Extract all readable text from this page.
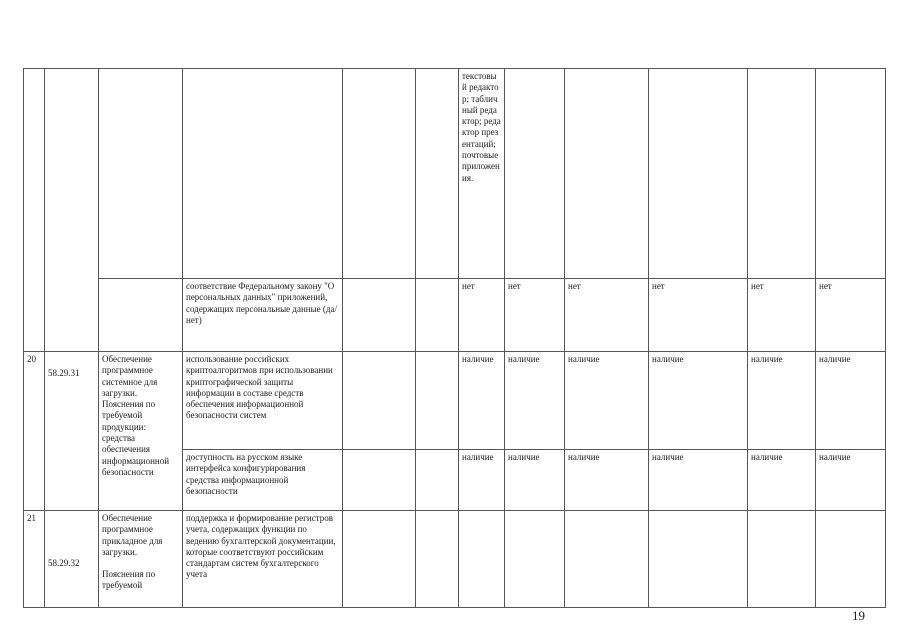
						текстовый редактор; табличный редактор; редактор презентаций; почтовые приложения.					
			соответствие Федеральному закону "О персональных данных" приложений, содержащих персональные данные (да/нет)			нет	нет	нет	нет	нет	нет
20	58.29.31	Обеспечение программное системное для загрузки. Пояснения по требуемой продукции: средства обеспечения информационной безопасности	использование российских криптоалгоритмов при использовании криптографической защиты информации в составе средств обеспечения информационной безопасности систем			наличие	наличие	наличие	наличие	наличие	наличие
			доступность на русском языке интерфейса конфигурирования средства информационной безопасности			наличие	наличие	наличие	наличие	наличие	наличие
21	58.29.32	Обеспечение программное прикладное для загрузки.
Пояснения по требуемой	поддержка и формирование регистров учета, содержащих функции по ведению бухгалтерской документации, которые соответствуют российским стандартам систем бухгалтерского учета								
19
